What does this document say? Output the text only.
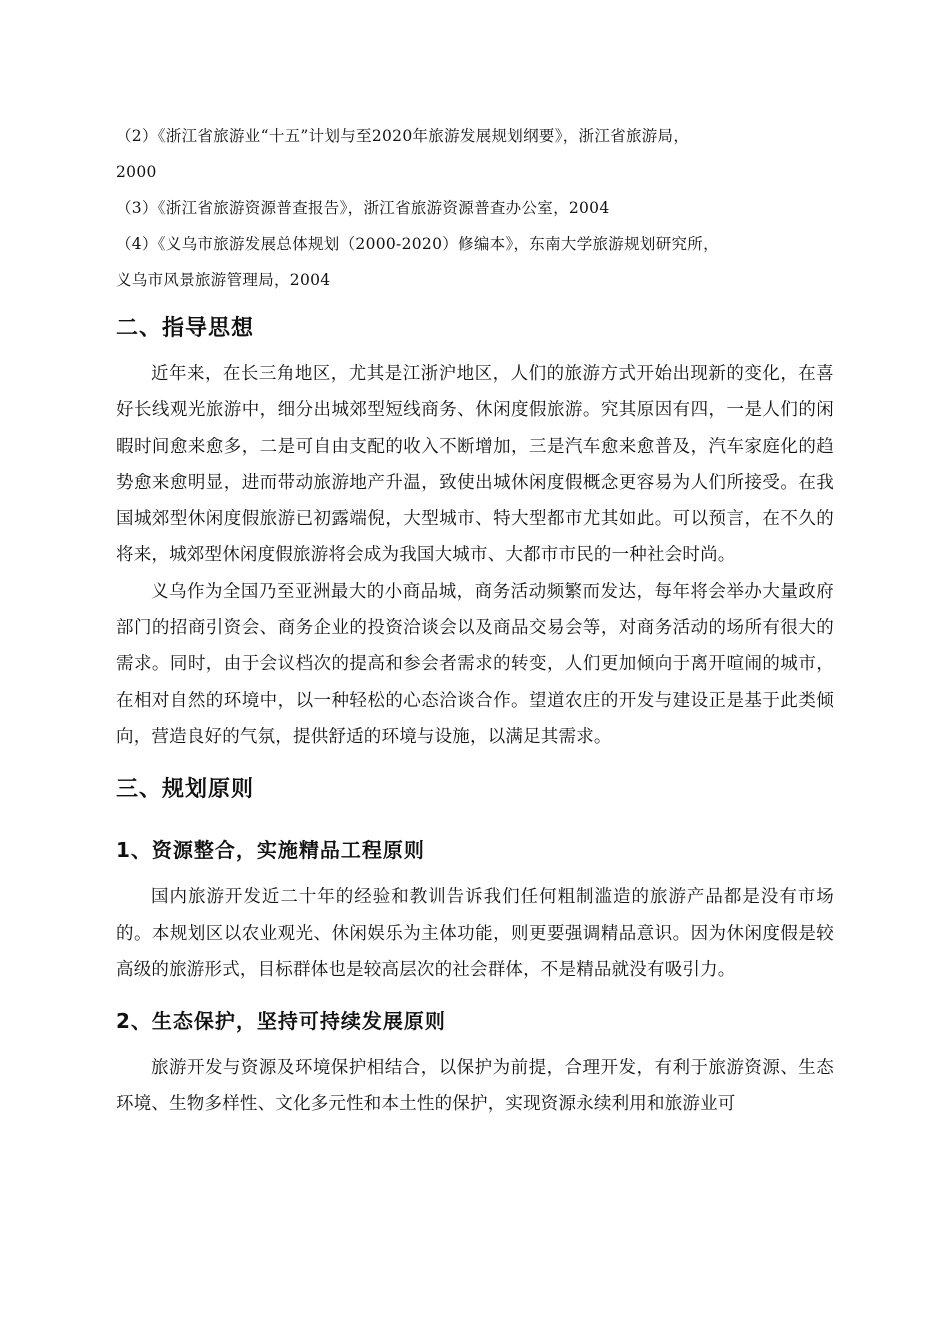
（2）《浙江省旅游业“十五”计划与至2020年旅游发展规划纲要》，浙江省旅游局，
2000

（3）《浙江省旅游资源普查报告》，浙江省旅游资源普查办公室，2004

（4）《义乌市旅游发展总体规划（2000-2020）修编本》，东南大学旅游规划研究所，
义乌市风景旅游管理局，2004

二、指导思想

近年来，在长三角地区，尤其是江浙沪地区，人们的旅游方式开始出现新的变化，在喜好长线观光旅游中，细分出城郊型短线商务、休闲度假旅游。究其原因有四，一是人们的闲暇时间愈来愈多，二是可自由支配的收入不断增加，三是汽车愈来愈普及，汽车家庭化的趋势愈来愈明显，进而带动旅游地产升温，致使出城休闲度假概念更容易为人们所接受。在我国城郊型休闲度假旅游已初露端倪，大型城市、特大型都市尤其如此。可以预言，在不久的将来，城郊型休闲度假旅游将会成为我国大城市、大都市市民的一种社会时尚。

义乌作为全国乃至亚洲最大的小商品城，商务活动频繁而发达，每年将会举办大量政府部门的招商引资会、商务企业的投资洽谈会以及商品交易会等，对商务活动的场所有很大的需求。同时，由于会议档次的提高和参会者需求的转变，人们更加倾向于离开喧闹的城市，在相对自然的环境中，以一种轻松的心态洽谈合作。望道农庄的开发与建设正是基于此类倾向，营造良好的气氛，提供舒适的环境与设施，以满足其需求。

三、规划原则
1、资源整合，实施精品工程原则

国内旅游开发近二十年的经验和教训告诉我们任何粗制滥造的旅游产品都是没有市场的。本规划区以农业观光、休闲娱乐为主体功能，则更要强调精品意识。因为休闲度假是较高级的旅游形式，目标群体也是较高层次的社会群体，不是精品就没有吸引力。

2、生态保护，坚持可持续发展原则

旅游开发与资源及环境保护相结合，以保护为前提，合理开发，有利于旅游资源、生态环境、生物多样性、文化多元性和本土性的保护，实现资源永续利用和旅游业可
